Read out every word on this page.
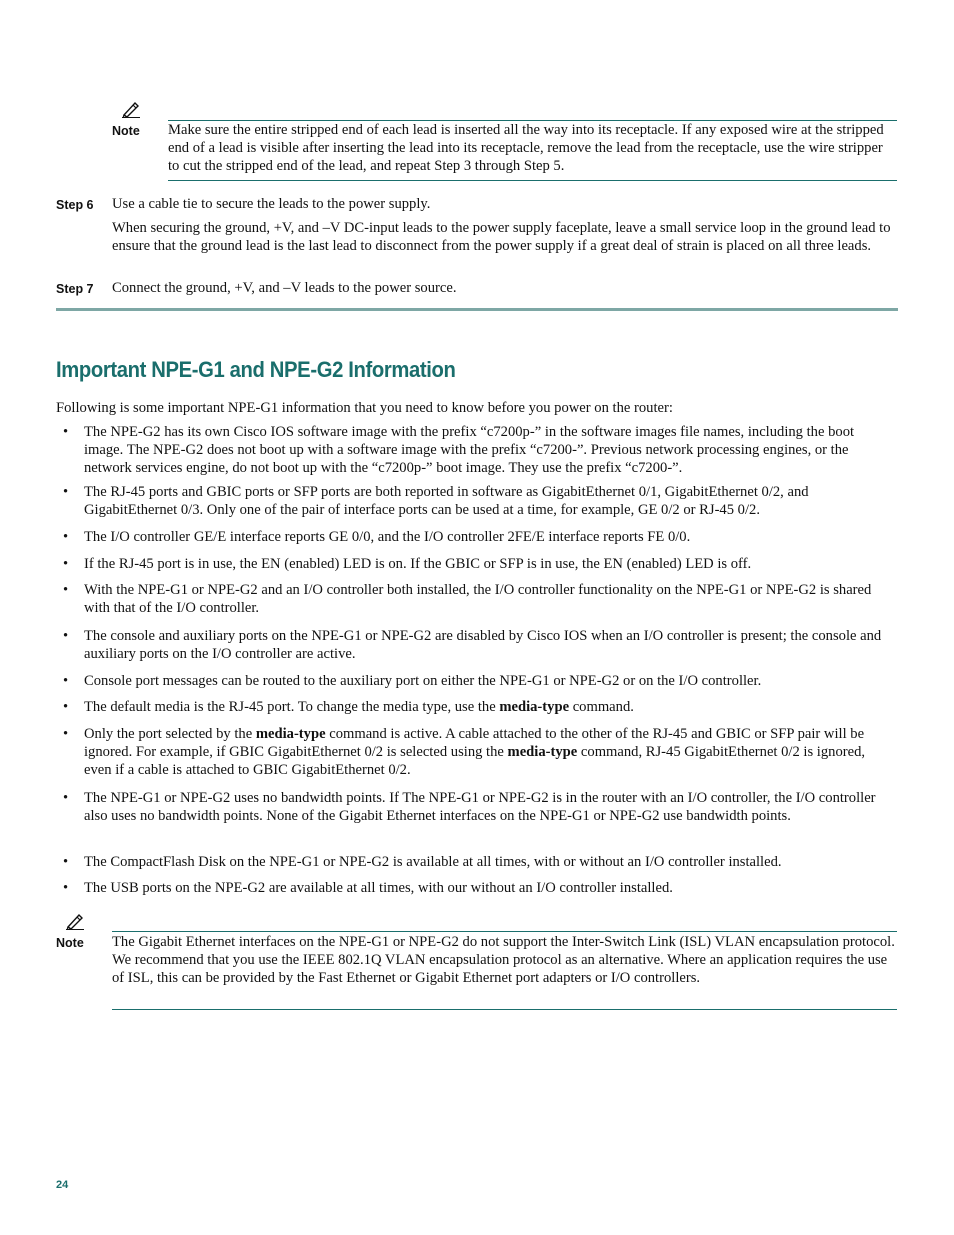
Note Make sure the entire stripped end of each lead is inserted all the way into its receptacle. If any exposed wire at the stripped end of a lead is visible after inserting the lead into its receptacle, remove the lead from the receptacle, use the wire stripper to cut the stripped end of the lead, and repeat Step 3 through Step 5.
Step 6 Use a cable tie to secure the leads to the power supply.
When securing the ground, +V, and –V DC-input leads to the power supply faceplate, leave a small service loop in the ground lead to ensure that the ground lead is the last lead to disconnect from the power supply if a great deal of strain is placed on all three leads.
Step 7 Connect the ground, +V, and –V leads to the power source.
Important NPE-G1 and NPE-G2 Information
Following is some important NPE-G1 information that you need to know before you power on the router:
• The NPE-G2 has its own Cisco IOS software image with the prefix “c7200p-” in the software images file names, including the boot image. The NPE-G2 does not boot up with a software image with the prefix “c7200-”. Previous network processing engines, or the network services engine, do not boot up with the “c7200p-” boot image. They use the prefix “c7200-”.
• The RJ-45 ports and GBIC ports or SFP ports are both reported in software as GigabitEthernet 0/1, GigabitEthernet 0/2, and GigabitEthernet 0/3. Only one of the pair of interface ports can be used at a time, for example, GE 0/2 or RJ-45 0/2.
• The I/O controller GE/E interface reports GE 0/0, and the I/O controller 2FE/E interface reports FE 0/0.
• If the RJ-45 port is in use, the EN (enabled) LED is on. If the GBIC or SFP is in use, the EN (enabled) LED is off.
• With the NPE-G1 or NPE-G2 and an I/O controller both installed, the I/O controller functionality on the NPE-G1 or NPE-G2 is shared with that of the I/O controller.
• The console and auxiliary ports on the NPE-G1 or NPE-G2 are disabled by Cisco IOS when an I/O controller is present; the console and auxiliary ports on the I/O controller are active.
• Console port messages can be routed to the auxiliary port on either the NPE-G1 or NPE-G2 or on the I/O controller.
• The default media is the RJ-45 port. To change the media type, use the media-type command.
• Only the port selected by the media-type command is active. A cable attached to the other of the RJ-45 and GBIC or SFP pair will be ignored. For example, if GBIC GigabitEthernet 0/2 is selected using the media-type command, RJ-45 GigabitEthernet 0/2 is ignored, even if a cable is attached to GBIC GigabitEthernet 0/2.
• The NPE-G1 or NPE-G2 uses no bandwidth points. If The NPE-G1 or NPE-G2 is in the router with an I/O controller, the I/O controller also uses no bandwidth points. None of the Gigabit Ethernet interfaces on the NPE-G1 or NPE-G2 use bandwidth points.
• The CompactFlash Disk on the NPE-G1 or NPE-G2 is available at all times, with or without an I/O controller installed.
• The USB ports on the NPE-G2 are available at all times, with our without an I/O controller installed.
Note The Gigabit Ethernet interfaces on the NPE-G1 or NPE-G2 do not support the Inter-Switch Link (ISL) VLAN encapsulation protocol. We recommend that you use the IEEE 802.1Q VLAN encapsulation protocol as an alternative. Where an application requires the use of ISL, this can be provided by the Fast Ethernet or Gigabit Ethernet port adapters or I/O controllers.
24
